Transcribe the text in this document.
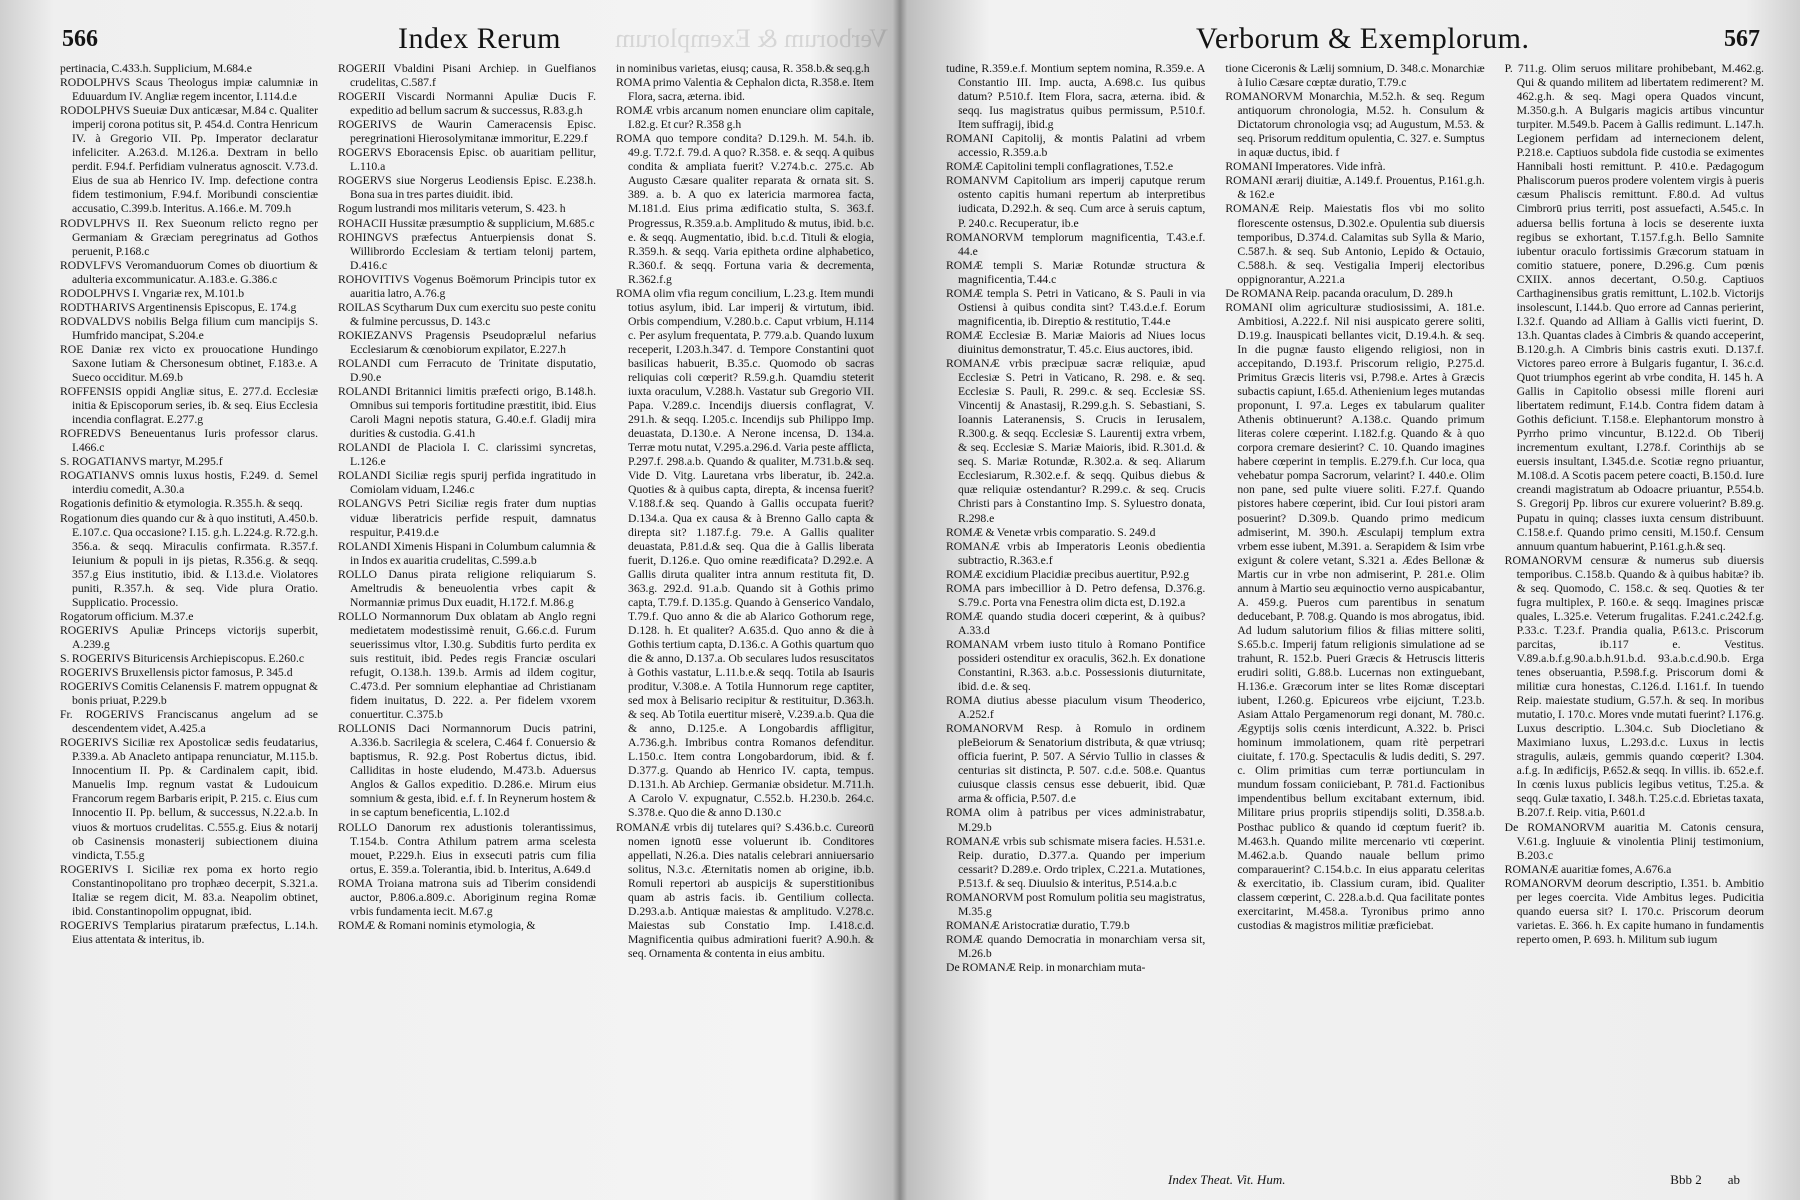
566	Index Rerum Verborum & Exemplorum

pertinacia, C.433.h. Supplicium, M.684.e

RODOLPHVS Scaus Theologus impiæ calumniæ in Eduuardum IV. Angliæ regem incentor, I.114.d.e

RODOLPHVS Sueuiæ Dux anticæsar, M.84 c. Qualiter imperij corona potitus sit, P. 454.d. Contra Henricum IV. à Gregorio VII. Pp. Imperator declaratur infeliciter. A.263.d. M.126.a. Dextram in bello perdit. F.94.f. Perfidiam vulneratus agnoscit. V.73.d. Eius de sua ab Henrico IV. Imp. defectione contra fidem testimonium, F.94.f. Moribundi conscientiæ accusatio, C.399.b. Interitus. A.166.e. M. 709.h

RODVLPHVS II. Rex Sueonum relicto regno per Germaniam & Græciam peregrinatus ad Gothos peruenit, P.168.c

RODVLFVS Veromanduorum Comes ob diuortium & adulteria excommunicatur. A.183.e. G.386.c

RODOLPHVS I. Vngariæ rex, M.101.b

RODTHARIVS Argentinensis Episcopus, E. 174.g

RODVALDVS nobilis Belga filium cum mancipijs S. Humfrido mancipat, S.204.e

ROE Daniæ rex victo ex prouocatione Hundingo Saxone Iutiam & Chersonesum obtinet, F.183.e. A Sueco occiditur. M.69.b

ROFFENSIS oppidi Angliæ situs, E. 277.d. Ecclesiæ initia & Episcoporum series, ib. & seq. Eius Ecclesia incendia conflagrat. E.277.g

ROFREDVS Beneuentanus Iuris professor clarus. I.466.c

S. ROGATIANVS martyr, M.295.f

ROGATIANVS omnis luxus hostis, F.249. d. Semel interdiu comedit, A.30.a

Rogationis definitio & etymologia. R.355.h. & seqq.

Rogationum dies quando cur & à quo instituti, A.450.b. E.107.c. Qua occasione? I.15. g.h. L.224.g. R.72.g.h. 356.a. & seqq. Miraculis confirmata. R.357.f. Ieiunium & populi in ijs pietas, R.356.g. & seqq. 357.g Eius institutio, ibid. & I.13.d.e. Violatores puniti, R.357.h. & seq. Vide plura Oratio. Supplicatio. Processio.

Rogatorum officium. M.37.e

ROGERIVS Apuliæ Princeps victorijs superbit, A.239.g

S. ROGERIVS Bituricensis Archiepiscopus. E.260.c

ROGERIVS Bruxellensis pictor famosus, P. 345.d

ROGERIVS Comitis Celanensis F. matrem oppugnat & bonis priuat, P.229.b

Fr. ROGERIVS Franciscanus angelum ad se descendentem videt, A.425.a

ROGERIVS Siciliæ rex Apostolicæ sedis feudatarius, P.339.a. Ab Anacleto antipapa renunciatur, M.115.b. Innocentium II. Pp. & Cardinalem capit, ibid. Manuelis Imp. regnum vastat & Ludouicum Francorum regem Barbaris eripit, P. 215. c. Eius cum Innocentio II. Pp. bellum, & successus, N.22.a.b. In viuos & mortuos crudelitas. C.555.g. Eius & notarij ob Casinensis monasterij subiectionem diuina vindicta, T.55.g

ROGERIVS I. Siciliæ rex poma ex horto regio Constantinopolitano pro trophæo decerpit, S.321.a. Italiæ se regem dicit, M. 83.a. Neapolim obtinet, ibid. Constantinopolim oppugnat, ibid.

ROGERIVS Templarius piratarum præfectus, L.14.h. Eius attentata & interitus, ib.

ROGERII Vbaldini Pisani Archiep. in Guelfianos crudelitas, C.587.f

ROGERII Viscardi Normanni Apuliæ Ducis F. expeditio ad bellum sacrum & successus, R.83.g.h

ROGERIVS de Waurin Cameracensis Episc. peregrinationi Hierosolymitanæ immoritur, E.229.f

ROGERVS Eboracensis Episc. ob auaritiam pellitur, L.110.a

ROGERVS siue Norgerus Leodiensis Episc. E.238.h. Bona sua in tres partes diuidit. ibid.

Rogum lustrandi mos militaris veterum, S. 423. h

ROHACII Hussitæ præsumptio & supplicium, M.685.c

ROHINGVS præfectus Antuerpiensis donat S. Willibrordo Ecclesiam & tertiam telonij partem, D.416.c

ROHOVITIVS Vogenus Boëmorum Principis tutor ex auaritia latro, A.76.g

ROILAS Scytharum Dux cum exercitu suo peste conitu & fulmine percussus, D. 143.c

ROKIEZANVS Pragensis Pseudoprælul nefarius Ecclesiarum & cœnobiorum expilator, E.227.h

ROLANDI cum Ferracuto de Trinitate disputatio, D.90.e

ROLANDI Britannici limitis præfecti origo, B.148.h. Omnibus sui temporis fortitudine præstitit, ibid. Eius Caroli Magni nepotis statura, G.40.e.f. Gladij mira durities & custodia. G.41.h

ROLANDI de Placiola I. C. clarissimi syncretas, L.126.e

ROLANDI Siciliæ regis spurij perfida ingratitudo in Comiolam viduam, I.246.c

ROLANGVS Petri Siciliæ regis frater dum nuptias viduæ liberatricis perfide respuit, damnatus respuitur, P.419.d.e

ROLANDI Ximenis Hispani in Columbum calumnia & in Indos ex auaritia crudelitas, C.599.a.b

ROLLO Danus pirata religione reliquiarum S. Ameltrudis & beneuolentia vrbes capit & Normanniæ primus Dux euadit, H.172.f. M.86.g

ROLLO Normannorum Dux oblatam ab Anglo regni medietatem modestissimè renuit, G.66.c.d. Furum seuerissimus vltor, I.30.g. Subditis furto perdita ex suis restituit, ibid. Pedes regis Franciæ osculari refugit, O.138.h. 139.b. Armis ad ildem cogitur, C.473.d. Per somnium elephantiae ad Christianam fidem inuitatus, D. 222. a. Per fidelem vxorem conuertitur. C.375.b

ROLLONIS Daci Normannorum Ducis patrini, A.336.b. Sacrilegia & scelera, C.464 f. Conuersio & baptismus, R. 92.g. Post Robertus dictus, ibid. Calliditas in hoste eludendo, M.473.b. Aduersus Anglos & Gallos expeditio. D.286.e. Mirum eius somnium & gesta, ibid. e.f. f. In Reynerum hostem & in se captum beneficentia, L.102.d

ROLLO Danorum rex adustionis tolerantissimus, T.154.b. Contra Athilum patrem arma scelesta mouet, P.229.h. Eius in exsecuti patris cum filia ortus, E. 359.a. Tolerantia, ibid. b. Interitus, A.649.d

ROMA Troiana matrona suis ad Tiberim considendi auctor, P.806.a.809.c. Aboriginum regina Romæ vrbis fundamenta iecit. M.67.g

ROMÆ & Romani nominis etymologia, &

in nominibus varietas, eiusq; causa, R. 358.b.& seq.g.h

ROMA primo Valentia & Cephalon dicta, R.358.e. Item Flora, sacra, æterna. ibid.

ROMÆ vrbis arcanum nomen enunciare olim capitale, I.82.g. Et cur? R.358 g.h

ROMA quo tempore condita? D.129.h. M. 54.h. ib. 49.g. T.72.f. 79.d. A quo? R.358. e. & seqq. A quibus condita & ampliata fuerit? V.274.b.c. 275.c. Ab Augusto Cæsare qualiter reparata & ornata sit. S. 389. a. b. A quo ex latericia marmorea facta, M.181.d. Eius prima ædificatio stulta, S. 363.f. Progressus, R.359.a.b. Amplitudo & mutus, ibid. b.c. e. & seqq. Augmentatio, ibid. b.c.d. Tituli & elogia, R.359.h. & seqq. Varia epitheta ordine alphabetico, R.360.f. & seqq. Fortuna varia & decrementa, R.362.f.g

ROMA olim vfia regum concilium, L.23.g. Item mundi totius asylum, ibid. Lar imperij & virtutum, ibid. Orbis compendium, V.280.b.c. Caput vrbium, H.114 c. Per asylum frequentata, P. 779.a.b. Quando luxum receperit, I.203.h.347. d. Tempore Constantini quot basilicas habuerit, B.35.c. Quomodo ob sacras reliquias coli cœperit? R.59.g.h. Quamdiu steterit iuxta oraculum, V.288.h. Vastatur sub Gregorio VII. Papa. V.289.c. Incendijs diuersis conflagrat, V. 291.h. & seqq. I.205.c. Incendijs sub Philippo Imp. deuastata, D.130.e. A Nerone incensa, D. 134.a. Terræ motu nutat, V.295.a.296.d. Varia peste afflicta, P.297.f. 298.a.b. Quando & qualiter, M.731.b.& seq. Vide D. Vitg. Lauretana vrbs liberatur, ib. 242.a. Quoties & à quibus capta, direpta, & incensa fuerit? V.188.f.& seq. Quando à Gallis occupata fuerit? D.134.a. Qua ex causa & à Brenno Gallo capta & direpta sit? 1.187.f.g. 79.e. A Gallis qualiter deuastata, P.81.d.& seq. Qua die à Gallis liberata fuerit, D.126.e. Quo omine reædificata? D.292.e. A Gallis diruta qualiter intra annum restituta fit, D. 363.g. 292.d. 91.a.b. Quando sit à Gothis primo capta, T.79.f. D.135.g. Quando à Genserico Vandalo, T.79.f. Quo anno & die ab Alarico Gothorum rege, D.128. h. Et qualiter? A.635.d. Quo anno & die à Gothis tertium capta, D.136.c. A Gothis quartum quo die & anno, D.137.a. Ob seculares ludos resuscitatos à Gothis vastatur, L.11.b.e.& seqq. Totila ab Isauris proditur, V.308.e. A Totila Hunnorum rege captiter, sed mox à Belisario recipitur & restituitur, D.363.h. & seq. Ab Totila euertitur miserè, V.239.a.b. Qua die & anno, D.125.e. A Longobardis affligitur, A.736.g.h. Imbribus contra Romanos defenditur. L.150.c. Item contra Longobardorum, ibid. & f. D.377.g. Quando ab Henrico IV. capta, tempus. D.131.h. Ab Archiep. Germaniæ obsidetur. M.711.h. A Carolo V. expugnatur, C.552.b. H.230.b. 264.c. S.378.e. Quo die & anno D.130.c

ROMANÆ vrbis dij tutelares qui? S.436.b.c. Cureorū nomen ignotū esse voluerunt ib. Conditores appellati, N.26.a. Dies natalis celebrari anniuersario solitus, N.3.c. Æternitatis nomen ab origine, ib.b. Romuli repertori ab auspicijs & superstitionibus quam ab astris facis. ib. Gentilium collecta. D.293.a.b. Antiquæ maiestas & amplitudo. V.278.c. Maiestas sub Constatio Imp. I.418.c.d. Magnificentia quibus admirationi fuerit? A.90.h. & seq. Ornamenta & contenta in eius ambitu.

Verborum & Exemplorum.	567

tudine, R.359.e.f. Montium septem nomina, R.359.e. A Constantio III. Imp. aucta, A.698.c. Ius quibus datum? P.510.f. Item Flora, sacra, æterna. ibid. & seqq. Ius magistratus quibus permissum, P.510.f. Item suffragij, ibid.g

ROMANI Capitolij, & montis Palatini ad vrbem accessio, R.359.a.b

ROMÆ Capitolini templi conflagrationes, T.52.e

ROMANVM Capitolium ars imperij caputque rerum ostento capitis humani repertum ab interpretibus iudicata, D.292.h. & seq. Cum arce à seruis captum, P. 240.c. Recuperatur, ib.e

ROMANORVM templorum magnificentia, T.43.e.f. 44.e

ROMÆ templi S. Mariæ Rotundæ structura & magnificentia, T.44.c

ROMÆ templa S. Petri in Vaticano, & S. Pauli in via Ostiensi à quibus condita sint? T.43.d.e.f. Eorum magnificentia, ib. Direptio & restitutio, T.44.e

ROMÆ Ecclesiæ B. Mariæ Maioris ad Niues locus diuinitus demonstratur, T. 45.c. Eius auctores, ibid.

ROMANÆ vrbis præcipuæ sacræ reliquiæ, apud Ecclesiæ S. Petri in Vaticano, R. 298. e. & seq. Ecclesiæ S. Pauli, R. 299.c. & seq. Ecclesiæ SS. Vincentij & Anastasij, R.299.g.h. S. Sebastiani, S. Ioannis Lateranensis, S. Crucis in Ierusalem, R.300.g. & seqq. Ecclesiæ S. Laurentij extra vrbem, & seq. Ecclesiæ S. Mariæ Maioris, ibid. R.301.d. & seq. S. Mariæ Rotundæ, R.302.a. & seq. Aliarum Ecclesiarum, R.302.e.f. & seqq. Quibus diebus & quæ reliquiæ ostendantur? R.299.c. & seq. Crucis Christi pars à Constantino Imp. S. Syluestro donata, R.298.e

ROMÆ & Venetæ vrbis comparatio. S. 249.d

ROMANÆ vrbis ab Imperatoris Leonis obedientia subtractio, R.363.e.f

ROMÆ excidium Placidiæ precibus auertitur, P.92.g

ROMA pars imbecillior à D. Petro defensa, D.376.g. S.79.c. Porta vna Fenestra olim dicta est, D.192.a

ROMÆ quando studia doceri cœperint, & à quibus? A.33.d

ROMANAM vrbem iusto titulo à Romano Pontifice possideri ostenditur ex oraculis, 362.h. Ex donatione Constantini, R.363. a.b.c. Possessionis diuturnitate, ibid. d.e. & seq.

ROMA diutius abesse piaculum visum Theoderico, A.252.f

ROMANORVM Resp. à Romulo in ordinem pleBeiorum & Senatorium distributa, & quæ vtriusq; officia fuerint, P. 507. A Sérvio Tullio in classes & centurias sit distincta, P. 507. c.d.e. 508.e. Quantus cuiusque classis census esse debuerit, ibid. Quæ arma & officia, P.507. d.e

ROMA olim à patribus per vices administrabatur, M.29.b

ROMANÆ vrbis sub schismate misera facies. H.531.e. Reip. duratio, D.377.a. Quando per imperium cessarit? D.289.e. Ordo triplex, C.221.a. Mutationes, P.513.f. & seq. Diuulsio & interitus, P.514.a.b.c

ROMANORVM post Romulum politia seu magistratus, M.35.g

ROMANÆ Aristocratiæ duratio, T.79.b

ROMÆ quando Democratia in monarchiam versa sit, M.26.b

De ROMANÆ Reip. in monarchiam muta-

tione Ciceronis & Lælij somnium, D. 348.c. Monarchiæ à Iulio Cæsare cœptæ duratio, T.79.c

ROMANORVM Monarchia, M.52.h. & seq. Regum antiquorum chronologia, M.52. h. Consulum & Dictatorum chronologia vsq; ad Augustum, M.53. & seq. Prisorum redditum opulentia, C. 327. e. Sumptus in aquæ ductus, ibid. f

ROMANI Imperatores. Vide infrà.

ROMANI ærarij diuitiæ, A.149.f. Prouentus, P.161.g.h. & 162.e

ROMANÆ Reip. Maiestatis flos vbi mo solito florescente ostensus, D.302.e. Opulentia sub diuersis temporibus, D.374.d. Calamitas sub Sylla & Mario, C.587.h. & seq. Sub Antonio, Lepido & Octauio, C.588.h. & seq. Vestigalia Imperij electoribus oppignorantur, A.221.a

De ROMANA Reip. pacanda oraculum, D. 289.h

ROMANI olim agriculturæ studiosissimi, A. 181.e. Ambitiosi, A.222.f. Nil nisi auspicato gerere soliti, D.19.g. Inauspicati bellantes vicit, D.19.4.h. & seq. In die pugnæ fausto eligendo religiosi, non in accepitando, D.193.f. Priscorum religio, P.275.d. Primitus Græcis literis vsi, P.798.e. Artes à Græcis subactis capiunt, I.65.d. Athenienium leges mutandas proponunt, I. 97.a. Leges ex tabularum qualiter Athenis obtinuerunt? A.138.c. Quando primum literas colere cœperint. I.182.f.g. Quando & à quo corpora cremare desierint? C. 10. Quando imagines habere cœperint in templis. E.279.f.h. Cur loca, qua vehebatur pompa Sacrorum, velarint? I. 440.e. Olim non pane, sed pulte viuere soliti. F.27.f. Quando pistores habere cœperint, ibid. Cur Ioui pistori aram posuerint? D.309.b. Quando primo medicum admiserint, M. 390.h. Æsculapij templum extra vrbem esse iubent, M.391. a. Serapidem & Isim vrbe exigunt & colere vetant, S.321 a. Ædes Bellonæ & Martis cur in vrbe non admiserint, P. 281.e. Olim annum à Martio seu æquinoctio verno auspicabantur, A. 459.g. Pueros cum parentibus in senatum deducebant, P. 708.g. Quando is mos abrogatus, ibid. Ad ludum salutorium filios & filias mittere soliti, S.65.b.c. Imperij fatum religionis simulatione ad se trahunt, R. 152.b. Pueri Græcis & Hetruscis litteris erudiri soliti, G.88.b. Lucernas non extinguebant, H.136.e. Græcorum inter se lites Romæ disceptari iubent, I.260.g. Epicureos vrbe eijciunt, T.23.b. Asiam Attalo Pergamenorum regi donant, M. 780.c. Ægyptijs solis cœnis interdicunt, A.322. b. Prisci hominum immolationem, quam ritè perpetrari ciuitate, f. 170.g. Spectaculis & ludis dediti, S. 297. c. Olim primitias cum terræ portiunculam in mundum fossam coniiciebant, P. 781.d. Factionibus impendentibus bellum excitabant externum, ibid. Militare prius propriis stipendijs soliti, D.358.a.b. Posthac publico & quando id cœptum fuerit? ib. M.463.h. Quando milite mercenario vti cœperint. M.462.a.b. Quando nauale bellum primo comparauerint? C.154.b.c. In eius apparatu celeritas & exercitatio, ib. Classium curam, ibid. Qualiter classem cœperint, C. 228.a.b.d. Qua facilitate pontes exercitarint, M.458.a. Tyronibus primo anno custodias & magistros militiæ præficiebat.

P. 711.g. Olim seruos militare prohibebant, M.462.g. Qui & quando militem ad libertatem redimerent? M. 462.g.h. & seq. Magi opera Quados vincunt, M.350.g.h. A Bulgaris magicis artibus vincuntur turpiter. M.549.b. Pacem à Gallis redimunt. L.147.h. Legionem perfidam ad internecionem delent, P.218.e. Captiuos subdola fide custodia se eximentes Hannibali hosti remittunt. P. 410.e. Pædagogum Phaliscorum pueros prodere volentem virgis à pueris cæsum Phaliscis remittunt. F.80.d. Ad vultus Cimbrorū prius territi, post assuefacti, A.545.c. In aduersa bellis fortuna à locis se deserente iuxta regibus se exhortant, T.157.f.g.h. Bello Samnite iubentur oraculo fortissimis Græcorum statuam in comitio statuere, ponere, D.296.g. Cum pœnis CXIIX. annos decertant, O.50.g. Captiuos Carthaginensibus gratis remittunt, L.102.b. Victorijs insolescunt, I.144.b. Quo errore ad Cannas perierint, I.32.f. Quando ad Alliam à Gallis victi fuerint, D. 13.h. Quantas clades à Cimbris & quando acceperint, B.120.g.h. A Cimbris binis castris exuti. D.137.f. Victores pareo errore à Bulgaris fugantur, I. 36.c.d. Quot triumphos egerint ab vrbe condita, H. 145 h. A Gallis in Capitolio obsessi mille floreni auri libertatem redimunt, F.14.b. Contra fidem datam à Gothis deficiunt. T.158.e. Elephantorum monstro à Pyrrho primo vincuntur, B.122.d. Ob Tiberij incrementum exultant, I.278.f. Corinthijs ab se euersis insultant, I.345.d.e. Scotiæ regno priuantur, M.108.d. A Scotis pacem petere coacti, B.150.d. Iure creandi magistratum ab Odoacre priuantur, P.554.b. S. Gregorij Pp. libros cur exurere voluerint? B.89.g. Pupatu in quinq; classes iuxta censum distribuunt. C.158.e.f. Quando primo censiti, M.150.f. Censum annuum quantum habuerint, P.161.g.h.& seq.

ROMANORVM censuræ & numerus sub diuersis temporibus. C.158.b. Quando & à quibus habitæ? ib. & seq. Quomodo, C. 158.c. & seq. Quoties & ter fugra multiplex, P. 160.e. & seqq. Imagines priscæ quales, L.325.e. Veterum frugalitas. F.241.c.242.f.g. P.33.c. T.23.f. Prandia qualia, P.613.c. Priscorum parcitas, ib.117 e. Vestitus. V.89.a.b.f.g.90.a.b.h.91.b.d. 93.a.b.c.d.90.b. Erga tenes obseruantia, P.598.f.g. Priscorum domi & militiæ cura honestas, C.126.d. I.161.f. In tuendo Reip. maiestate studium, G.57.h. & seq. In moribus mutatio, I. 170.c. Mores vnde mutati fuerint? I.176.g. Luxus descriptio. L.304.c. Sub Diocletiano & Maximiano luxus, L.293.d.c. Luxus in lectis stragulis, aulæis, gemmis quando cœperit? I.304. a.f.g. In ædificijs, P.652.& seqq. In villis. ib. 652.e.f. In cœnis luxus publicis legibus vetitus, T.25.a. & seqq. Gulæ taxatio, I. 348.h. T.25.c.d. Ebrietas taxata, B.207.f. Reip. vitia, P.601.d

De ROMANORVM auaritia M. Catonis censura, V.61.g. Ingluuie & vinolentia Plinij testimonium, B.203.c

ROMANÆ auaritiæ fomes, A.676.a

ROMANORVM deorum descriptio, I.351. b. Ambitio per leges coercita. Vide Ambitus leges. Pudicitia quando euersa sit? I. 170.c. Priscorum deorum varietas. E. 366. h. Ex capite humano in fundamentis reperto omen, P. 693. h. Militum sub iugum

Index Theat. Vit. Hum.	Bbb 2 ab
